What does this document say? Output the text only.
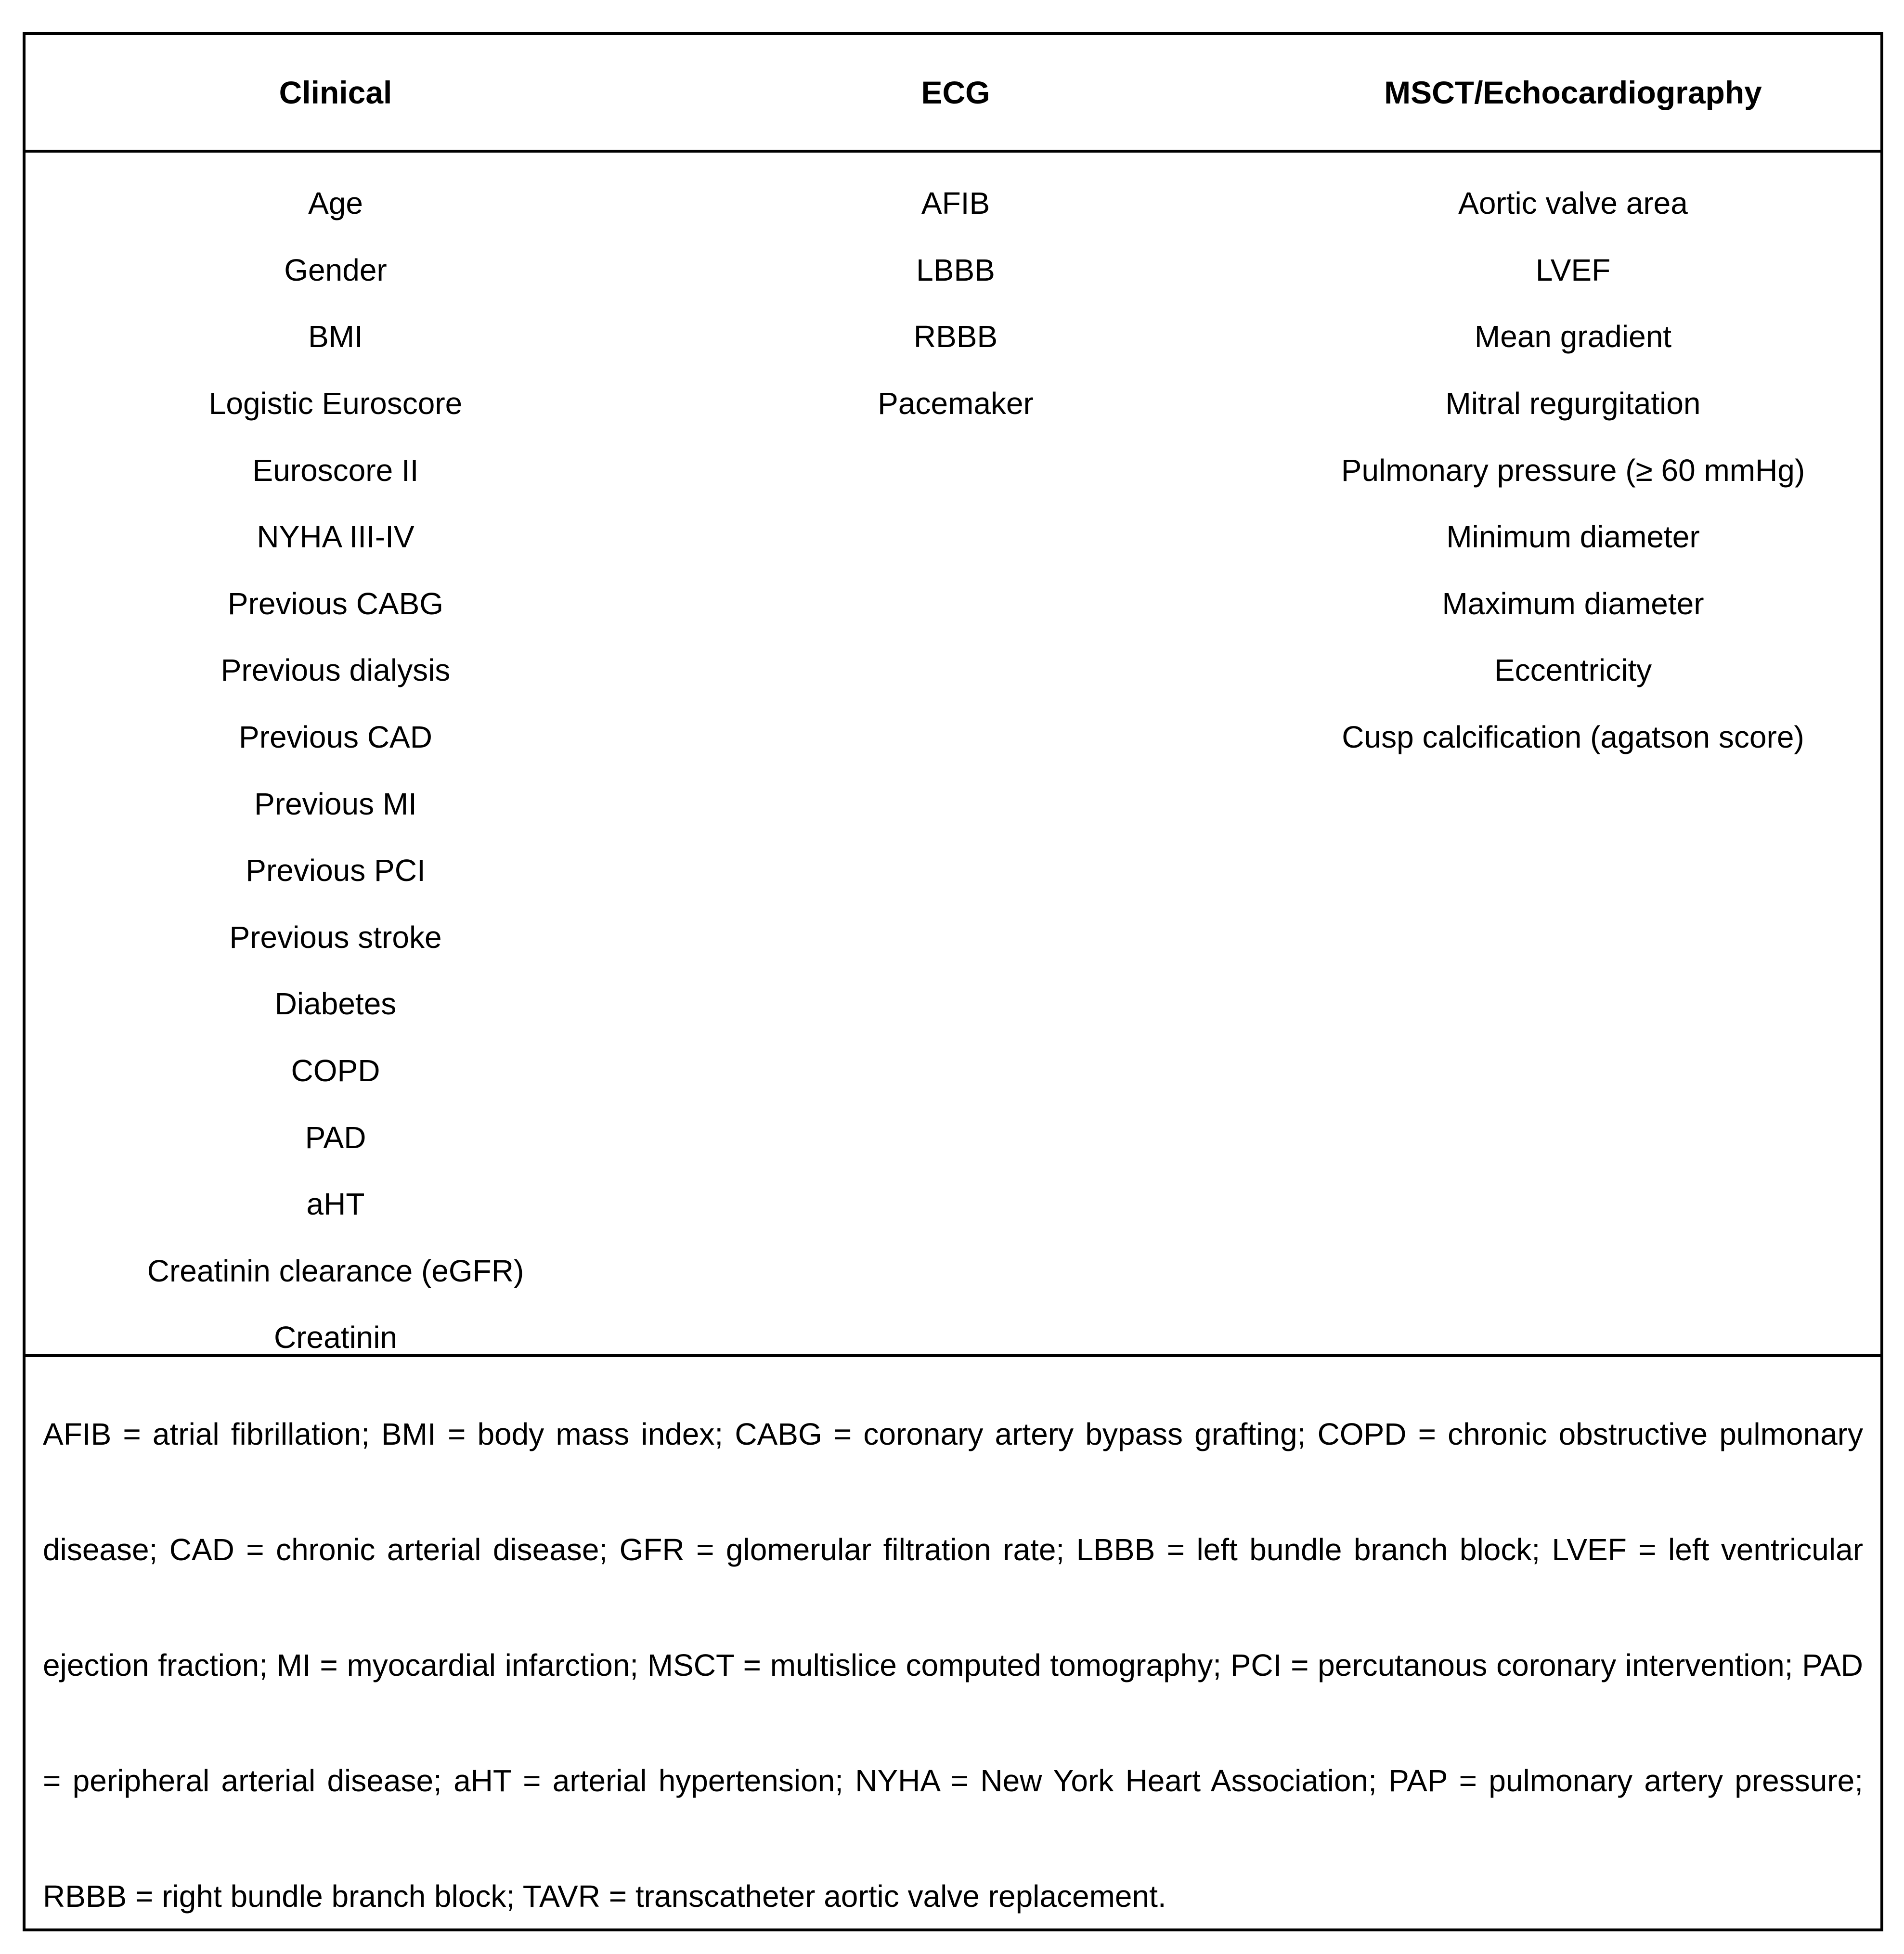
Clinical	ECG	MSCT/Echocardiography
Age
Gender
BMI
Logistic Euroscore
Euroscore II
NYHA III-IV
Previous CABG
Previous dialysis
Previous CAD
Previous MI
Previous PCI
Previous stroke
Diabetes
COPD
PAD
aHT
Creatinin clearance (eGFR)
Creatinin
AFIB
LBBB
RBBB
Pacemaker
Aortic valve area
LVEF
Mean gradient
Mitral regurgitation
Pulmonary pressure (≥ 60 mmHg)
Minimum diameter
Maximum diameter
Eccentricity
Cusp calcification (agatson score)
AFIB = atrial fibrillation; BMI = body mass index; CABG = coronary artery bypass grafting; COPD = chronic obstructive pulmonary disease; CAD = chronic arterial disease; GFR = glomerular filtration rate; LBBB = left bundle branch block; LVEF = left ventricular ejection fraction; MI = myocardial infarction; MSCT = multislice computed tomography; PCI = percutanous coronary intervention; PAD = peripheral arterial disease; aHT = arterial hypertension; NYHA = New York Heart Association; PAP = pulmonary artery pressure; RBBB = right bundle branch block; TAVR = transcatheter aortic valve replacement.
